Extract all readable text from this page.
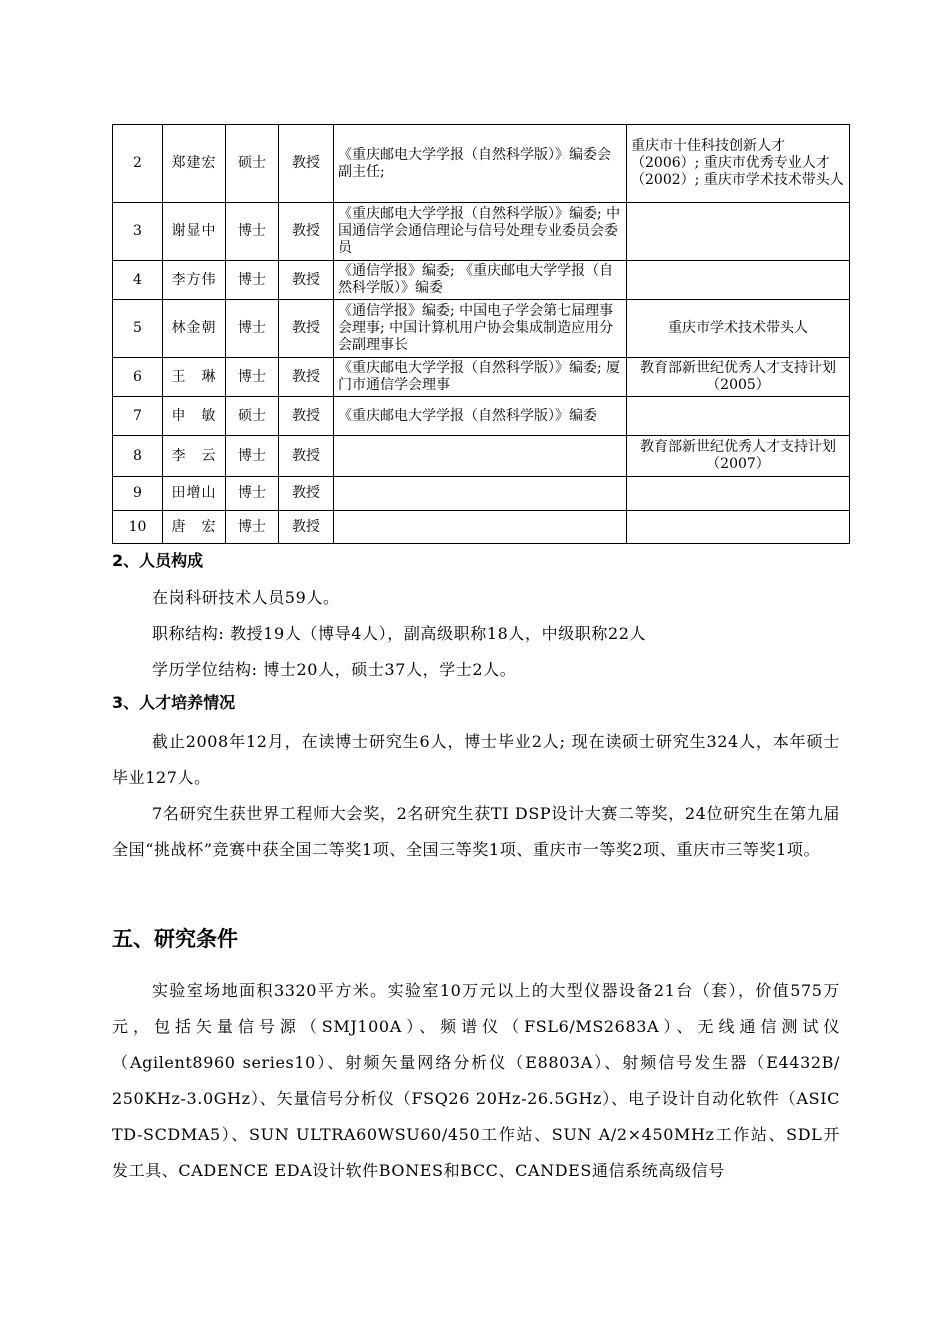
2	郑建宏	硕士	教授	《重庆邮电大学学报（自然科学版）》编委会副主任;	重庆市十佳科技创新人才（2006）; 重庆市优秀专业人才（2002）; 重庆市学术技术带头人
3	谢显中	博士	教授	《重庆邮电大学学报（自然科学版）》编委; 中国通信学会通信理论与信号处理专业委员会委员	
4	李方伟	博士	教授	《通信学报》编委; 《重庆邮电大学学报（自然科学版）》编委	
5	林金朝	博士	教授	《通信学报》编委; 中国电子学会第七届理事会理事; 中国计算机用户协会集成制造应用分会副理事长	重庆市学术技术带头人
6	王　琳	博士	教授	《重庆邮电大学学报（自然科学版）》编委; 厦门市通信学会理事	教育部新世纪优秀人才支持计划（2005）
7	申　敏	硕士	教授	《重庆邮电大学学报（自然科学版）》编委	
8	李　云	博士	教授		教育部新世纪优秀人才支持计划（2007）
9	田增山	博士	教授		
10	唐　宏	博士	教授		

2、人员构成

在岗科研技术人员59人。

职称结构: 教授19人（博导4人），副高级职称18人，中级职称22人

学历学位结构: 博士20人，硕士37人，学士2人。

3、人才培养情况

截止2008年12月，在读博士研究生6人，博士毕业2人; 现在读硕士研究生324人，本年硕士毕业127人。

7名研究生获世界工程师大会奖，2名研究生获TI DSP设计大赛二等奖，24位研究生在第九届全国“挑战杯”竞赛中获全国二等奖1项、全国三等奖1项、重庆市一等奖2项、重庆市三等奖1项。

五、研究条件

实验室场地面积3320平方米。实验室10万元以上的大型仪器设备21台（套），价值575万元，包括矢量信号源（SMJ100A）、频谱仪（FSL6/MS2683A）、无线通信测试仪（Agilent8960 series10）、射频矢量网络分析仪（E8803A）、射频信号发生器（E4432B/ 250KHz-3.0GHz）、矢量信号分析仪（FSQ26 20Hz-26.5GHz）、电子设计自动化软件（ASIC TD-SCDMA5）、SUN ULTRA60WSU60/450工作站、SUN A/2×450MHz工作站、SDL开发工具、CADENCE EDA设计软件BONES和BCC、CANDES通信系统高级信号
